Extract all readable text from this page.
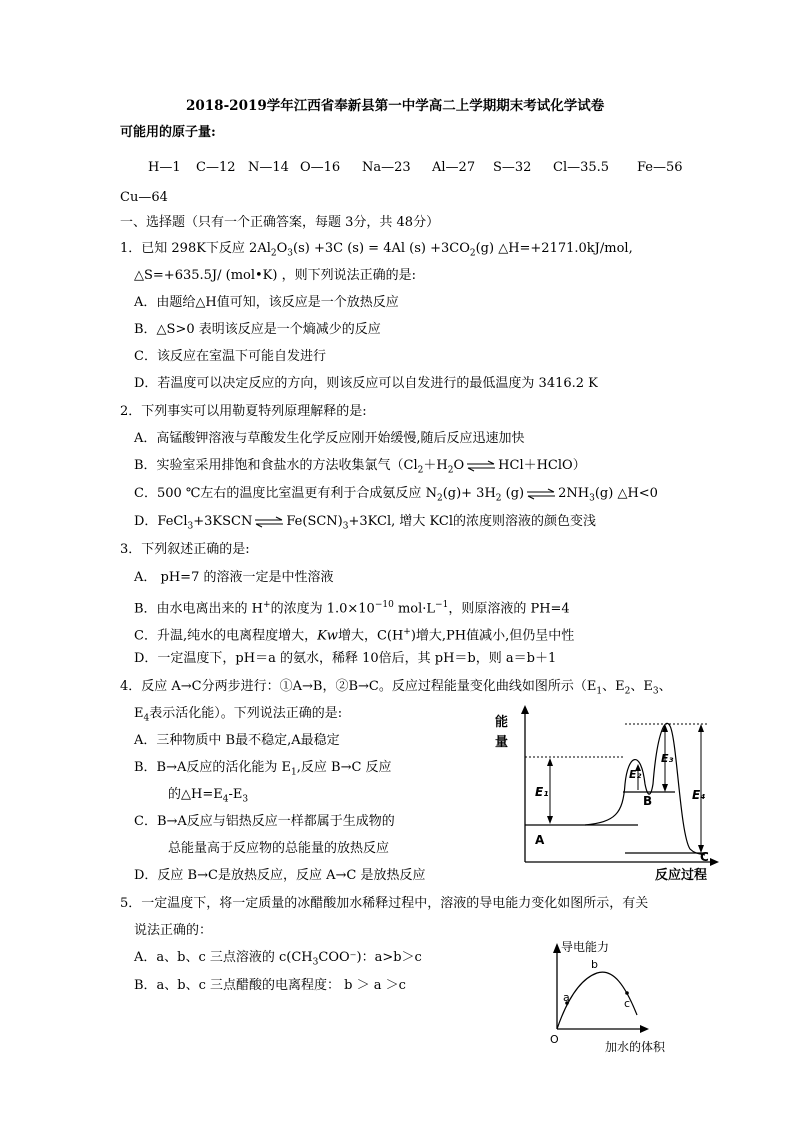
2018-2019学年江西省奉新县第一中学高二上学期期末考试化学试卷
可能用的原子量:
H—1 C—12 N—14 O—16 Na—23 Al—27 S—32 Cl—35.5 Fe—56
Cu—64
一、选择题（只有一个正确答案，每题 3分，共 48分）
1．已知 298K下反应 $2Al_2O_3(s) +3C$ (s) = 4Al $(s) +3CO_2(g)$ △H=+2171.0kJ/mol,
△S=+635.5J/ (mol•K) ，则下列说法正确的是:
A．由题给△H值可知，该反应是一个放热反应
B．△S>0 表明该反应是一个熵减少的反应
C．该反应在室温下可能自发进行
D．若温度可以决定反应的方向，则该反应可以自发进行的最低温度为 3416.2 K
2．下列事实可以用勒夏特列原理解释的是:
A．高锰酸钾溶液与草酸发生化学反应刚开始缓慢,随后反应迅速加快
B．实验室采用排饱和食盐水的方法收集氯气（$Cl_2+H_2O$ ⇌ HCl＋HClO）
C．500 ℃左右的温度比室温更有利于合成氨反应 $N_2(g)+ 3H_2$ (g) ⇌ $2NH_3(g)$ △H<0
D．FeCl$_3$+3KSCN ⇌ $Fe(SCN)_3+3KCl$, 增大 KCl的浓度则溶液的颜色变浅
3．下列叙述正确的是:
A． pH=7 的溶液一定是中性溶液
B．由水电离出来的 H+的浓度为 $1.0\times 10^{-10}$ $mol\cdot L^{-1}$，则原溶液的 PH=4
C．升温,纯水的电离程度增大，Kw增大，C(H+)增大,PH值减小,但仍呈中性
D．一定温度下，pH＝a 的氨水，稀释 10倍后，其 pH＝b，则 a＝b＋1
4．反应 A→C分两步进行：①A→B，②B→C。反应过程能量变化曲线如图所示（$E_1$、$E_2$、$E_3$、
$E_4$表示活化能）。下列说法正确的是:
A．三种物质中 B最不稳定,A最稳定
B．B→A反应的活化能为 $E_1$,反应 B→C 反应
的$\triangle H=E_4-E_3$
C．B→A反应与铝热反应一样都属于生成物的
总能量高于反应物的总能量的放热反应
D．反应 B→C是放热反应，反应 A→C 是放热反应
能
量
E₁
E₂
E₃
E₄
A
B
C
反应过程
5．一定温度下，将一定质量的冰醋酸加水稀释过程中，溶液的导电能力变化如图所示，有关
说法正确的：
A．a、b、c 三点溶液的 $c(CH_3COO^-)$：a>b＞c
B．a、b、c 三点醋酸的电离程度： b ＞ a ＞c
导电能力
O
a
b
c
加水的体积
